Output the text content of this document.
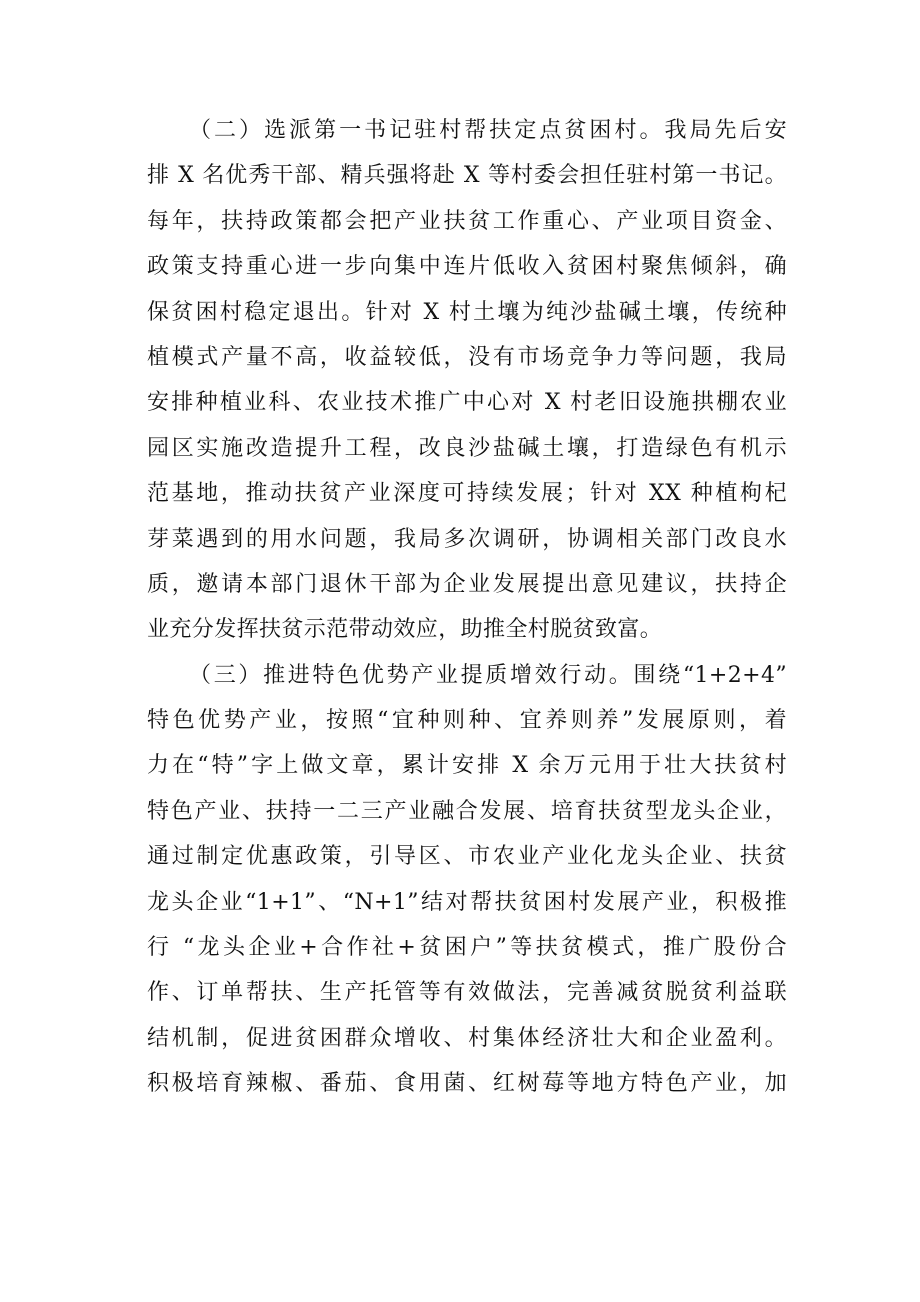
（二）选派第一书记驻村帮扶定点贫困村。我局先后安
排 X 名优秀干部、精兵强将赴 X 等村委会担任驻村第一书记。
每年，扶持政策都会把产业扶贫工作重心、产业项目资金、
政策支持重心进一步向集中连片低收入贫困村聚焦倾斜，确
保贫困村稳定退出。针对 X 村土壤为纯沙盐碱土壤，传统种
植模式产量不高，收益较低，没有市场竞争力等问题，我局
安排种植业科、农业技术推广中心对 X 村老旧设施拱棚农业
园区实施改造提升工程，改良沙盐碱土壤，打造绿色有机示
范基地，推动扶贫产业深度可持续发展；针对 XX 种植枸杞
芽菜遇到的用水问题，我局多次调研，协调相关部门改良水
质，邀请本部门退休干部为企业发展提出意见建议，扶持企
业充分发挥扶贫示范带动效应，助推全村脱贫致富。
（三）推进特色优势产业提质增效行动。围绕“1+2+4”
特色优势产业，按照“宜种则种、宜养则养”发展原则，着
力在“特”字上做文章，累计安排 X 余万元用于壮大扶贫村
特色产业、扶持一二三产业融合发展、培育扶贫型龙头企业，
通过制定优惠政策，引导区、市农业产业化龙头企业、扶贫
龙头企业“1+1”、“N+1”结对帮扶贫困村发展产业，积极推
行 “龙头企业+合作社+贫困户”等扶贫模式，推广股份合
作、订单帮扶、生产托管等有效做法，完善减贫脱贫利益联
结机制，促进贫困群众增收、村集体经济壮大和企业盈利。
积极培育辣椒、番茄、食用菌、红树莓等地方特色产业，加
